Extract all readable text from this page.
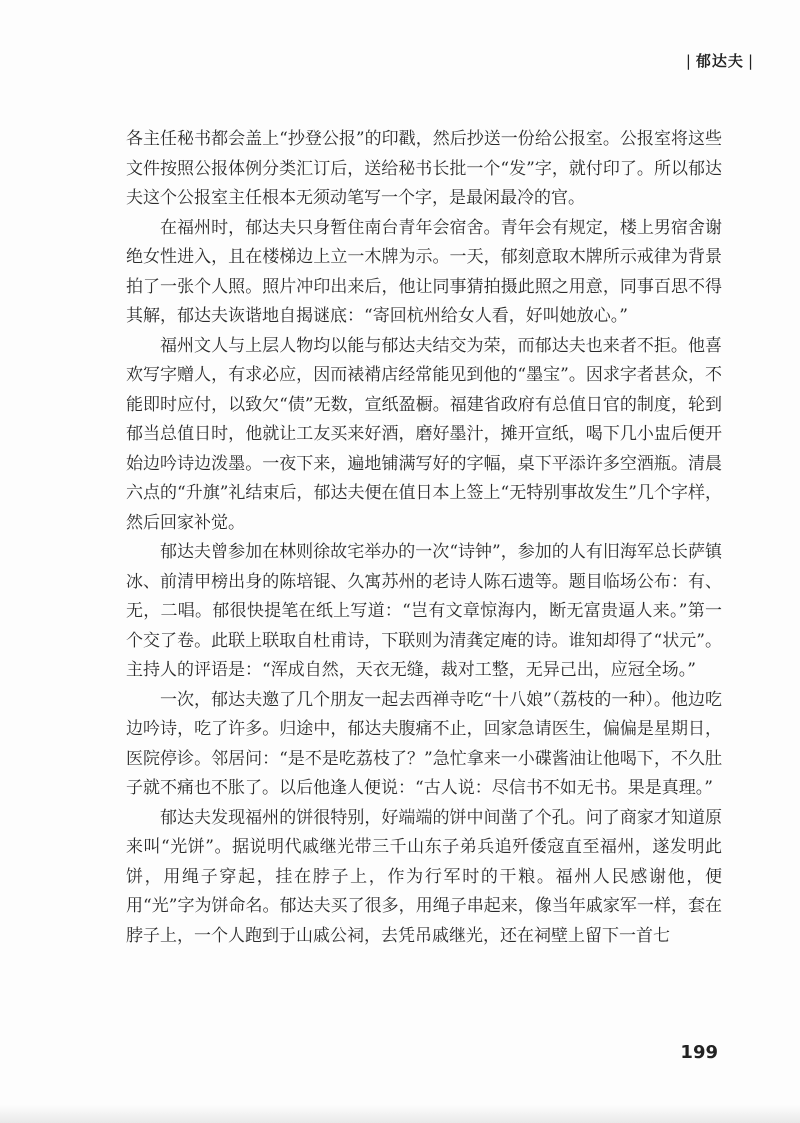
| 郁达夫 |

各主任秘书都会盖上“抄登公报”的印戳，然后抄送一份给公报室。公报室将这些文件按照公报体例分类汇订后，送给秘书长批一个“发”字，就付印了。所以郁达夫这个公报室主任根本无须动笔写一个字，是最闲最冷的官。

在福州时，郁达夫只身暂住南台青年会宿舍。青年会有规定，楼上男宿舍谢绝女性进入，且在楼梯边上立一木牌为示。一天，郁刻意取木牌所示戒律为背景拍了一张个人照。照片冲印出来后，他让同事猜拍摄此照之用意，同事百思不得其解，郁达夫诙谐地自揭谜底：“寄回杭州给女人看，好叫她放心。”

福州文人与上层人物均以能与郁达夫结交为荣，而郁达夫也来者不拒。他喜欢写字赠人，有求必应，因而裱褙店经常能见到他的“墨宝”。因求字者甚众，不能即时应付，以致欠“债”无数，宣纸盈橱。福建省政府有总值日官的制度，轮到郁当总值日时，他就让工友买来好酒，磨好墨汁，摊开宣纸，喝下几小盅后便开始边吟诗边泼墨。一夜下来，遍地铺满写好的字幅，桌下平添许多空酒瓶。清晨六点的“升旗”礼结束后，郁达夫便在值日本上签上“无特别事故发生”几个字样，然后回家补觉。

郁达夫曾参加在林则徐故宅举办的一次“诗钟”，参加的人有旧海军总长萨镇冰、前清甲榜出身的陈培锟、久寓苏州的老诗人陈石遗等。题目临场公布：有、无，二唱。郁很快提笔在纸上写道：“岂有文章惊海内，断无富贵逼人来。”第一个交了卷。此联上联取自杜甫诗，下联则为清龚定庵的诗。谁知却得了“状元”。主持人的评语是：“浑成自然，天衣无缝，裁对工整，无异己出，应冠全场。”

一次，郁达夫邀了几个朋友一起去西禅寺吃“十八娘”（荔枝的一种）。他边吃边吟诗，吃了许多。归途中，郁达夫腹痛不止，回家急请医生，偏偏是星期日，医院停诊。邻居问：“是不是吃荔枝了？”急忙拿来一小碟酱油让他喝下，不久肚子就不痛也不胀了。以后他逢人便说：“古人说：尽信书不如无书。果是真理。”

郁达夫发现福州的饼很特别，好端端的饼中间凿了个孔。问了商家才知道原来叫“光饼”。据说明代戚继光带三千山东子弟兵追歼倭寇直至福州，遂发明此饼，用绳子穿起，挂在脖子上，作为行军时的干粮。福州人民感谢他，便用“光”字为饼命名。郁达夫买了很多，用绳子串起来，像当年戚家军一样，套在脖子上，一个人跑到于山戚公祠，去凭吊戚继光，还在祠壁上留下一首七

199
